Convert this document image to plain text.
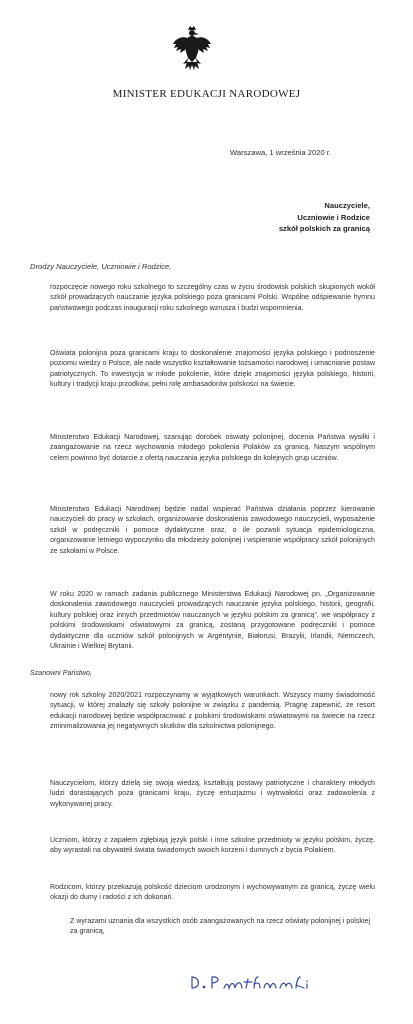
MINISTER EDUKACJI NARODOWEJ
Warszawa, 1 września 2020 r.
Nauczyciele,
Uczniowie i Rodzice
szkół polskich za granicą
Drodzy Nauczyciele, Uczniowie i Rodzice,

rozpoczęcie nowego roku szkolnego to szczególny czas w życiu środowisk polskich skupionych wokół szkół prowadzących nauczanie języka polskiego poza granicami Polski. Wspólne odśpiewanie hymnu państwowego podczas inauguracji roku szkolnego wzrusza i budzi wspomnienia.

Oświata polonijna poza granicami kraju to doskonalenie znajomości języka polskiego i podnoszenie poziomu wiedzy o Polsce, ale nade wszystko kształtowanie tożsamości narodowej i umacnianie postaw patriotycznych. To inwestycja w młode pokolenie, które dzięki znajomości języka polskiego, historii, kultury i tradycji kraju przodków, pełni rolę ambasadorów polskości na świecie.

Ministerstwo Edukacji Narodowej, szanując dorobek oświaty polonijnej, docenia Państwa wysiłki i zaangażowanie na rzecz wychowania młodego pokolenia Polaków za granicą. Naszym wspólnym celem powinno być dotarcie z ofertą nauczania języka polskiego do kolejnych grup uczniów.

Ministerstwo Edukacji Narodowej będzie nadal wspierać Państwa działania poprzez kierowanie nauczycieli do pracy w szkołach, organizowanie doskonalenia zawodowego nauczycieli, wyposażenie szkół w podręczniki i pomoce dydaktyczne oraz, o ile pozwoli sytuacja epidemiologiczna, organizowanie letniego wypoczynku dla młodzieży polonijnej i wspieranie współpracy szkół polonijnych ze szkołami w Polsce.

W roku 2020 w ramach zadania publicznego Ministerstwa Edukacji Narodowej pn. „Organizowanie doskonalenia zawodowego nauczycieli prowadzących nauczanie języka polskiego, historii, geografii, kultury polskiej oraz innych przedmiotów nauczanych w języku polskim za granicą”, we współpracy z polskimi środowiskami oświatowymi za granicą, zostaną przygotowane podręczniki i pomoce dydaktyczne dla uczniów szkół polonijnych w Argentynie, Białorusi, Brazylii, Irlandii, Niemczech, Ukrainie i Wielkiej Brytanii.

Szanowni Państwo,

nowy rok szkolny 2020/2021 rozpoczynamy w wyjątkowych warunkach. Wszyscy mamy świadomość sytuacji, w której znalazły się szkoły polonijne w związku z pandemią. Pragnę zapewnić, że resort edukacji narodowej będzie współpracować z polskimi środowiskami oświatowymi na świecie na rzecz zminimalizowania jej negatywnych skutków dla szkolnictwa polonijnego.

Nauczycielom, którzy dzielą się swoją wiedzą, kształtują postawy patriotyczne i charaktery młodych ludzi dorastających poza granicami kraju, życzę entuzjazmu i wytrwałości oraz zadowolenia z wykonywanej pracy.

Uczniom, którzy z zapałem zgłębiają język polski i inne szkolne przedmioty w języku polskim, życzę, aby wyrastali na obywateli świata świadomych swoich korzeni i dumnych z bycia Polakiem.

Rodzicom, którzy przekazują polskość dzieciom urodzonym i wychowywanym za granicą, życzę wielu okazji do dumy i radości z ich dokonań.

Z wyrazami uznania dla wszystkich osób zaangażowanych na rzecz oświaty polonijnej i polskiej za granicą,
